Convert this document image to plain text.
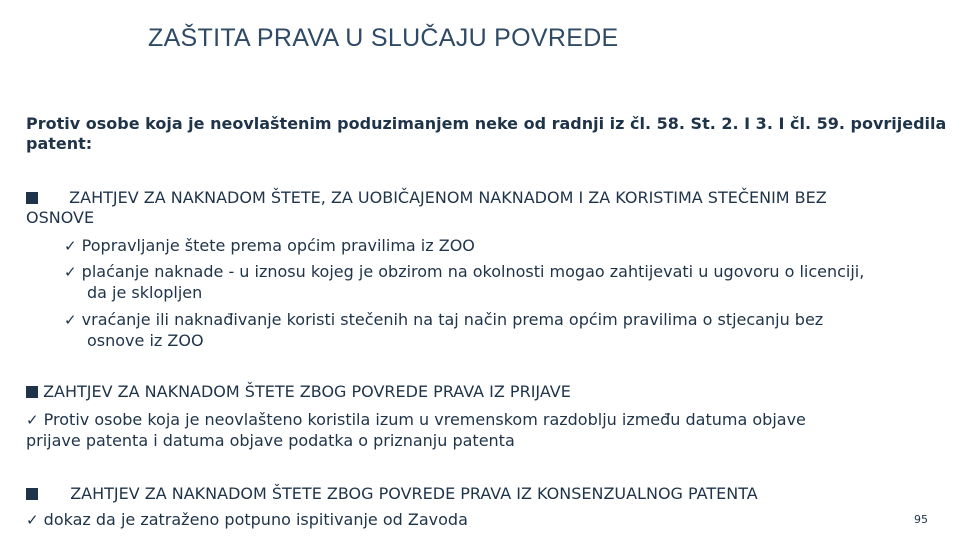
ZAŠTITA PRAVA U SLUČAJU POVREDE
Protiv osobe koja je neovlaštenim poduzimanjem neke od radnji iz čl. 58. St. 2. I 3. I čl. 59. povrijedila patent:
ZAHTJEV ZA NAKNADOM ŠTETE, ZA UOBIČAJENOM NAKNADOM I ZA KORISTIMA STEČENIM BEZ
OSNOVE
✓ Popravljanje štete prema općim pravilima iz ZOO
✓ plaćanje naknade - u iznosu kojeg je obzirom na okolnosti mogao zahtijevati u ugovoru o licenciji,
da je sklopljen
✓ vraćanje ili naknađivanje koristi stečenih na taj način prema općim pravilima o stjecanju bez
osnove iz ZOO
ZAHTJEV ZA NAKNADOM ŠTETE ZBOG POVREDE PRAVA IZ PRIJAVE
✓ Protiv osobe koja je neovlašteno koristila izum u vremenskom razdoblju između datuma objave
prijave patenta i datuma objave podatka o priznanju patenta
ZAHTJEV ZA NAKNADOM ŠTETE ZBOG POVREDE PRAVA IZ KONSENZUALNOG PATENTA
✓ dokaz da je zatraženo potpuno ispitivanje od Zavoda	95
